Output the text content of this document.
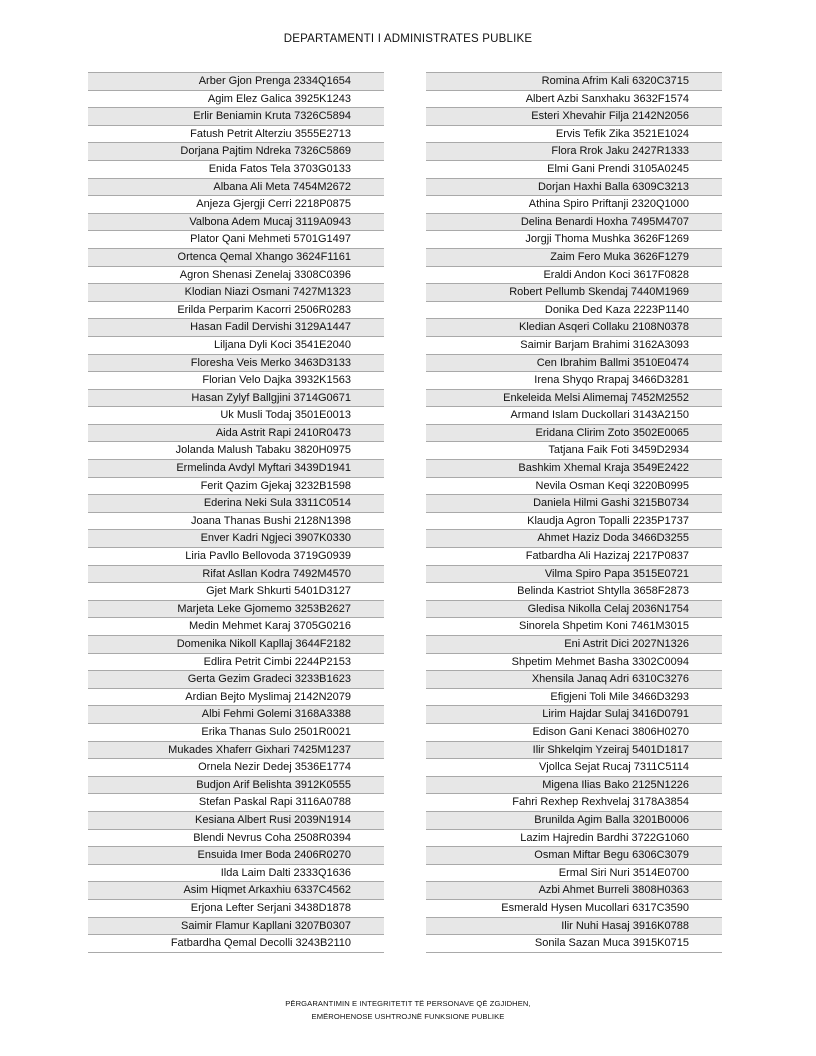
DEPARTAMENTI I ADMINISTRATES PUBLIKE
Arber Gjon Prenga 2334Q1654
Agim Elez Galica 3925K1243
Erlir Beniamin Kruta 7326C5894
Fatush Petrit Alterziu 3555E2713
Dorjana Pajtim Ndreka 7326C5869
Enida Fatos Tela 3703G0133
Albana Ali Meta 7454M2672
Anjeza Gjergji Cerri 2218P0875
Valbona Adem Mucaj 3119A0943
Plator Qani Mehmeti 5701G1497
Ortenca Qemal Xhango 3624F1161
Agron Shenasi Zenelaj 3308C0396
Klodian Niazi Osmani 7427M1323
Erilda Perparim Kacorri 2506R0283
Hasan Fadil Dervishi 3129A1447
Liljana Dyli Koci 3541E2040
Floresha Veis Merko 3463D3133
Florian Velo Dajka 3932K1563
Hasan Zylyf Ballgjini 3714G0671
Uk Musli Todaj 3501E0013
Aida Astrit Rapi 2410R0473
Jolanda Malush Tabaku 3820H0975
Ermelinda Avdyl Myftari 3439D1941
Ferit Qazim Gjekaj 3232B1598
Ederina Neki Sula 3311C0514
Joana Thanas Bushi 2128N1398
Enver Kadri Ngjeci 3907K0330
Liria Pavllo Bellovoda 3719G0939
Rifat Asllan Kodra 7492M4570
Gjet Mark Shkurti 5401D3127
Marjeta Leke Gjomemo 3253B2627
Medin Mehmet Karaj 3705G0216
Domenika Nikoll Kapllaj 3644F2182
Edlira Petrit Cimbi 2244P2153
Gerta Gezim Gradeci 3233B1623
Ardian Bejto Myslimaj 2142N2079
Albi Fehmi Golemi 3168A3388
Erika Thanas Sulo 2501R0021
Mukades Xhaferr Gixhari 7425M1237
Ornela Nezir Dedej 3536E1774
Budjon Arif Belishta 3912K0555
Stefan Paskal Rapi 3116A0788
Kesiana Albert Rusi 2039N1914
Blendi Nevrus Coha 2508R0394
Ensuida Imer Boda 2406R0270
Ilda Laim Dalti 2333Q1636
Asim Hiqmet Arkaxhiu 6337C4562
Erjona Lefter Serjani 3438D1878
Saimir Flamur Kapllani 3207B0307
Fatbardha Qemal Decolli 3243B2110
Romina Afrim Kali 6320C3715
Albert Azbi Sanxhaku 3632F1574
Esteri Xhevahir Filja 2142N2056
Ervis Tefik Zika 3521E1024
Flora Rrok Jaku 2427R1333
Elmi Gani Prendi 3105A0245
Dorjan Haxhi Balla 6309C3213
Athina Spiro Priftanji 2320Q1000
Delina Benardi Hoxha 7495M4707
Jorgji Thoma Mushka 3626F1269
Zaim Fero Muka 3626F1279
Eraldi Andon Koci 3617F0828
Robert Pellumb Skendaj 7440M1969
Donika Ded Kaza 2223P1140
Kledian Asqeri Collaku 2108N0378
Saimir Barjam Brahimi 3162A3093
Cen Ibrahim Ballmi 3510E0474
Irena Shyqo Rrapaj 3466D3281
Enkeleida Melsi Alimemaj 7452M2552
Armand Islam Duckollari 3143A2150
Eridana Clirim Zoto 3502E0065
Tatjana Faik Foti 3459D2934
Bashkim Xhemal Kraja 3549E2422
Nevila Osman Keqi 3220B0995
Daniela Hilmi Gashi 3215B0734
Klaudja Agron Topalli 2235P1737
Ahmet Haziz Doda 3466D3255
Fatbardha Ali Hazizaj 2217P0837
Vilma Spiro Papa 3515E0721
Belinda Kastriot Shtylla 3658F2873
Gledisa Nikolla Celaj 2036N1754
Sinorela Shpetim Koni 7461M3015
Eni Astrit Dici 2027N1326
Shpetim Mehmet Basha 3302C0094
Xhensila Janaq Adri 6310C3276
Efigjeni Toli Mile 3466D3293
Lirim Hajdar Sulaj 3416D0791
Edison Gani Kenaci 3806H0270
Ilir Shkelqim Yzeiraj 5401D1817
Vjollca Sejat Rucaj 7311C5114
Migena Ilias Bako 2125N1226
Fahri Rexhep Rexhvelaj 3178A3854
Brunilda Agim Balla 3201B0006
Lazim Hajredin Bardhi 3722G1060
Osman Miftar Begu 6306C3079
Ermal Siri Nuri 3514E0700
Azbi Ahmet Burreli 3808H0363
Esmerald Hysen Mucollari 6317C3590
Ilir Nuhi Hasaj 3916K0788
Sonila Sazan Muca 3915K0715
PËRGARANTIMIN E INTEGRITETIT TË PERSONAVE QË ZGJIDHEN,
EMËROHENOSE USHTROJNË FUNKSIONE PUBLIKE
